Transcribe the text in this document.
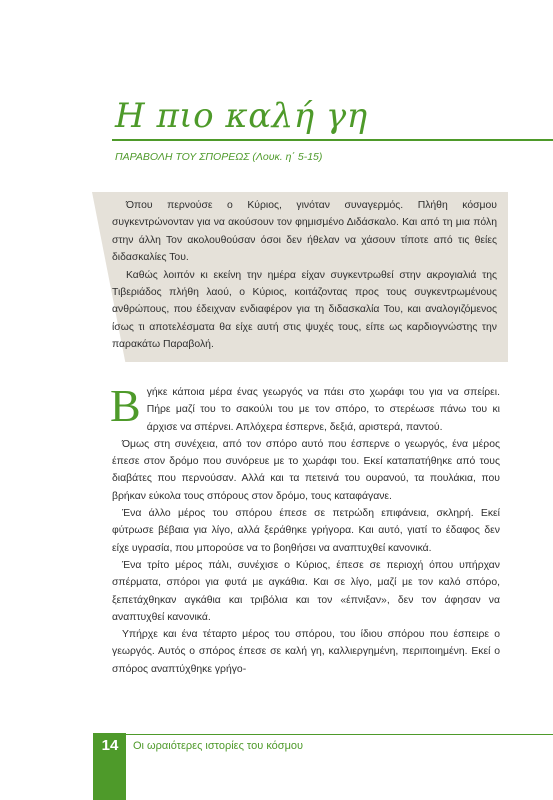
Η πιο καλή γη
ΠΑΡΑΒΟΛΗ ΤΟΥ ΣΠΟΡΕΩΣ (Λουκ. η΄ 5-15)

Όπου περνούσε ο Κύριος, γινόταν συναγερμός. Πλήθη κόσμου συγκεντρώνονταν για να ακούσουν τον φημισμένο Διδάσκαλο. Και από τη μια πόλη στην άλλη Τον ακολουθούσαν όσοι δεν ήθελαν να χάσουν τίποτε από τις θείες διδασκαλίες Του.

Καθώς λοιπόν κι εκείνη την ημέρα είχαν συγκεντρωθεί στην ακρογιαλιά της Τιβεριάδος πλήθη λαού, ο Κύριος, κοιτάζοντας προς τους συγκεντρωμένους ανθρώπους, που έδειχναν ενδιαφέρον για τη διδασκαλία Του, και αναλογιζόμενος ίσως τι αποτελέσματα θα είχε αυτή στις ψυχές τους, είπε ως καρδιογνώστης την παρακάτω Παραβολή.

Βγήκε κάποια μέρα ένας γεωργός να πάει στο χωράφι του για να σπείρει. Πήρε μαζί του το σακούλι του με τον σπόρο, το στερέωσε πάνω του κι άρχισε να σπέρνει. Απλόχερα έσπερνε, δεξιά, αριστερά, παντού.

Όμως στη συνέχεια, από τον σπόρο αυτό που έσπερνε ο γεωργός, ένα μέρος έπεσε στον δρόμο που συνόρευε με το χωράφι του. Εκεί καταπατήθηκε από τους διαβάτες που περνούσαν. Αλλά και τα πετεινά του ουρανού, τα πουλάκια, που βρήκαν εύκολα τους σπόρους στον δρόμο, τους καταφάγανε.

Ένα άλλο μέρος του σπόρου έπεσε σε πετρώδη επιφάνεια, σκληρή. Εκεί φύτρωσε βέβαια για λίγο, αλλά ξεράθηκε γρήγορα. Και αυτό, γιατί το έδαφος δεν είχε υγρασία, που μπορούσε να το βοηθήσει να αναπτυχθεί κανονικά.

Ένα τρίτο μέρος πάλι, συνέχισε ο Κύριος, έπεσε σε περιοχή όπου υπήρχαν σπέρματα, σπόροι για φυτά με αγκάθια. Και σε λίγο, μαζί με τον καλό σπόρο, ξεπετάχθηκαν αγκάθια και τριβόλια και τον «έπνιξαν», δεν τον άφησαν να αναπτυχθεί κανονικά.

Υπήρχε και ένα τέταρτο μέρος του σπόρου, του ίδιου σπόρου που έσπειρε ο γεωργός. Αυτός ο σπόρος έπεσε σε καλή γη, καλλιεργημένη, περιποιημένη. Εκεί ο σπόρος αναπτύχθηκε γρήγο-

14	Οι ωραιότερες ιστορίες του κόσμου
